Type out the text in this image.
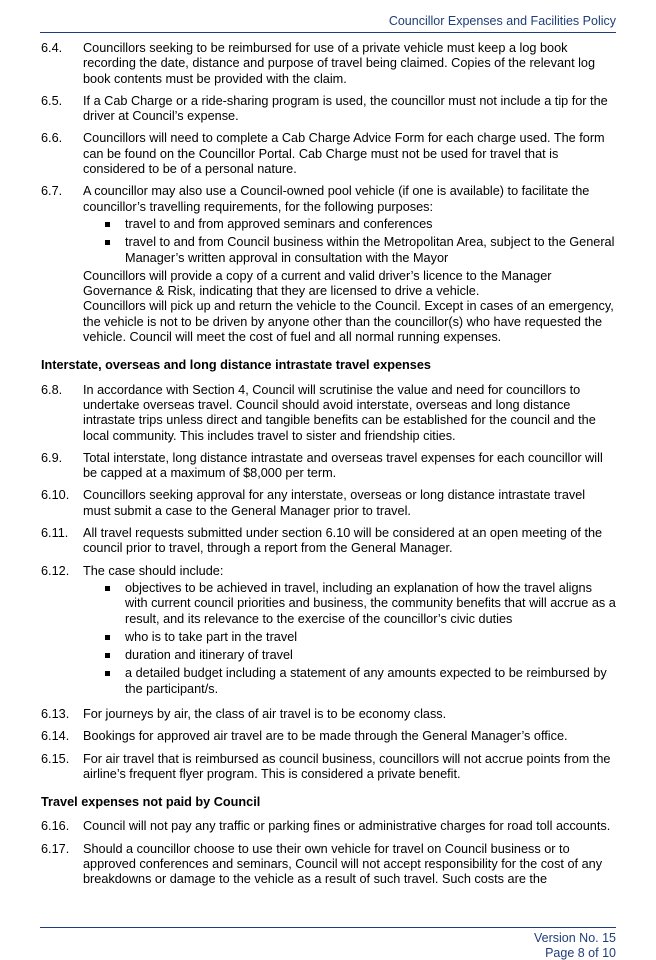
Councillor Expenses and Facilities Policy
6.4.	Councillors seeking to be reimbursed for use of a private vehicle must keep a log book recording the date, distance and purpose of travel being claimed. Copies of the relevant log book contents must be provided with the claim.

6.5.	If a Cab Charge or a ride-sharing program is used, the councillor must not include a tip for the driver at Council’s expense.

6.6.	Councillors will need to complete a Cab Charge Advice Form for each charge used. The form can be found on the Councillor Portal. Cab Charge must not be used for travel that is considered to be of a personal nature.

6.7.	A councillor may also use a Council-owned pool vehicle (if one is available) to facilitate the councillor’s travelling requirements, for the following purposes:

travel to and from approved seminars and conferences
travel to and from Council business within the Metropolitan Area, subject to the General Manager’s written approval in consultation with the Mayor

Councillors will provide a copy of a current and valid driver’s licence to the Manager Governance & Risk, indicating that they are licensed to drive a vehicle.

Councillors will pick up and return the vehicle to the Council. Except in cases of an emergency, the vehicle is not to be driven by anyone other than the councillor(s) who have requested the vehicle. Council will meet the cost of fuel and all normal running expenses.

Interstate, overseas and long distance intrastate travel expenses
6.8.	In accordance with Section 4, Council will scrutinise the value and need for councillors to undertake overseas travel. Council should avoid interstate, overseas and long distance intrastate trips unless direct and tangible benefits can be established for the council and the local community. This includes travel to sister and friendship cities.

6.9.	Total interstate, long distance intrastate and overseas travel expenses for each councillor will be capped at a maximum of $8,000 per term.

6.10.	Councillors seeking approval for any interstate, overseas or long distance intrastate travel must submit a case to the General Manager prior to travel.

6.11.	All travel requests submitted under section 6.10 will be considered at an open meeting of the council prior to travel, through a report from the General Manager.

6.12.	The case should include:

objectives to be achieved in travel, including an explanation of how the travel aligns with current council priorities and business, the community benefits that will accrue as a result, and its relevance to the exercise of the councillor’s civic duties
who is to take part in the travel
duration and itinerary of travel
a detailed budget including a statement of any amounts expected to be reimbursed by the participant/s.
6.13.	For journeys by air, the class of air travel is to be economy class.

6.14.	Bookings for approved air travel are to be made through the General Manager’s office.

6.15.	For air travel that is reimbursed as council business, councillors will not accrue points from the airline’s frequent flyer program. This is considered a private benefit.

Travel expenses not paid by Council
6.16.	Council will not pay any traffic or parking fines or administrative charges for road toll accounts.

6.17.	Should a councillor choose to use their own vehicle for travel on Council business or to approved conferences and seminars, Council will not accept responsibility for the cost of any breakdowns or damage to the vehicle as a result of such travel. Such costs are the

Version No. 15
Page 8 of 10
